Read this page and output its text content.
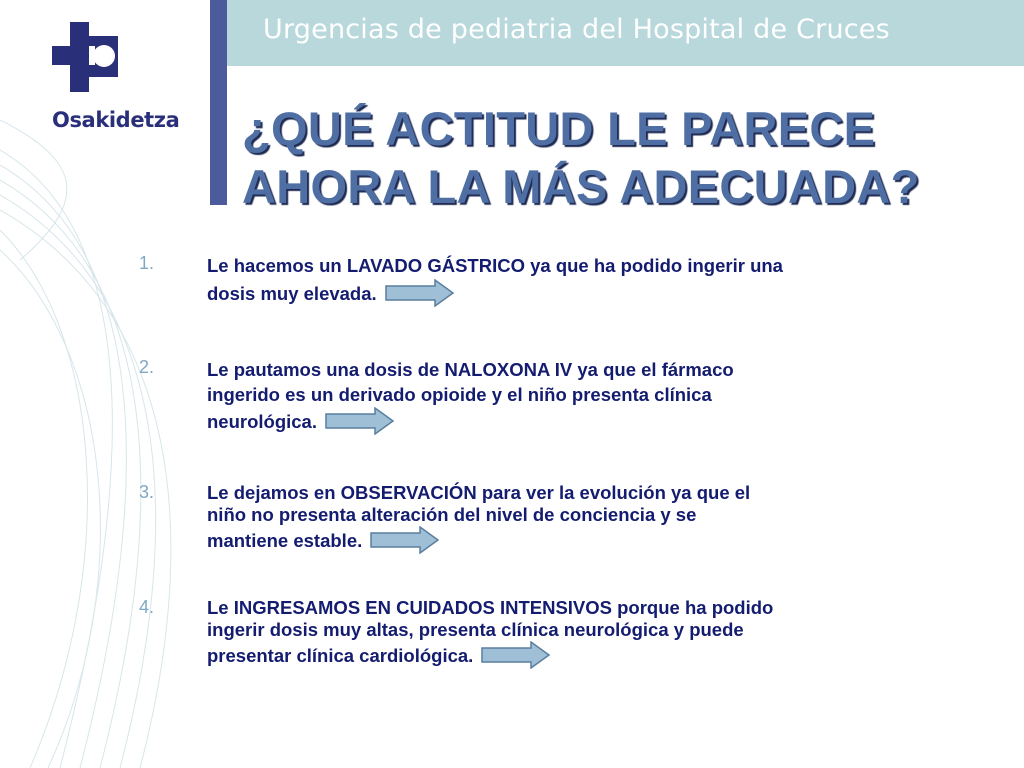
Osakidetza
Urgencias de pediatria del Hospital de Cruces
¿QUÉ ACTITUD LE PARECE
AHORA LA MÁS ADECUADA?
1.	Le hacemos un LAVADO GÁSTRICO ya que ha podido ingerir una
dosis muy elevada.
2.	Le pautamos una dosis de NALOXONA IV ya que el fármaco
ingerido es un derivado opioide y el niño presenta clínica
neurológica.
3.	Le dejamos en OBSERVACIÓN para ver la evolución ya que el
niño no presenta alteración del nivel de conciencia y se
mantiene estable.
4.	Le INGRESAMOS EN CUIDADOS INTENSIVOS porque ha podido
ingerir dosis muy altas, presenta clínica neurológica y puede
presentar clínica cardiológica.
